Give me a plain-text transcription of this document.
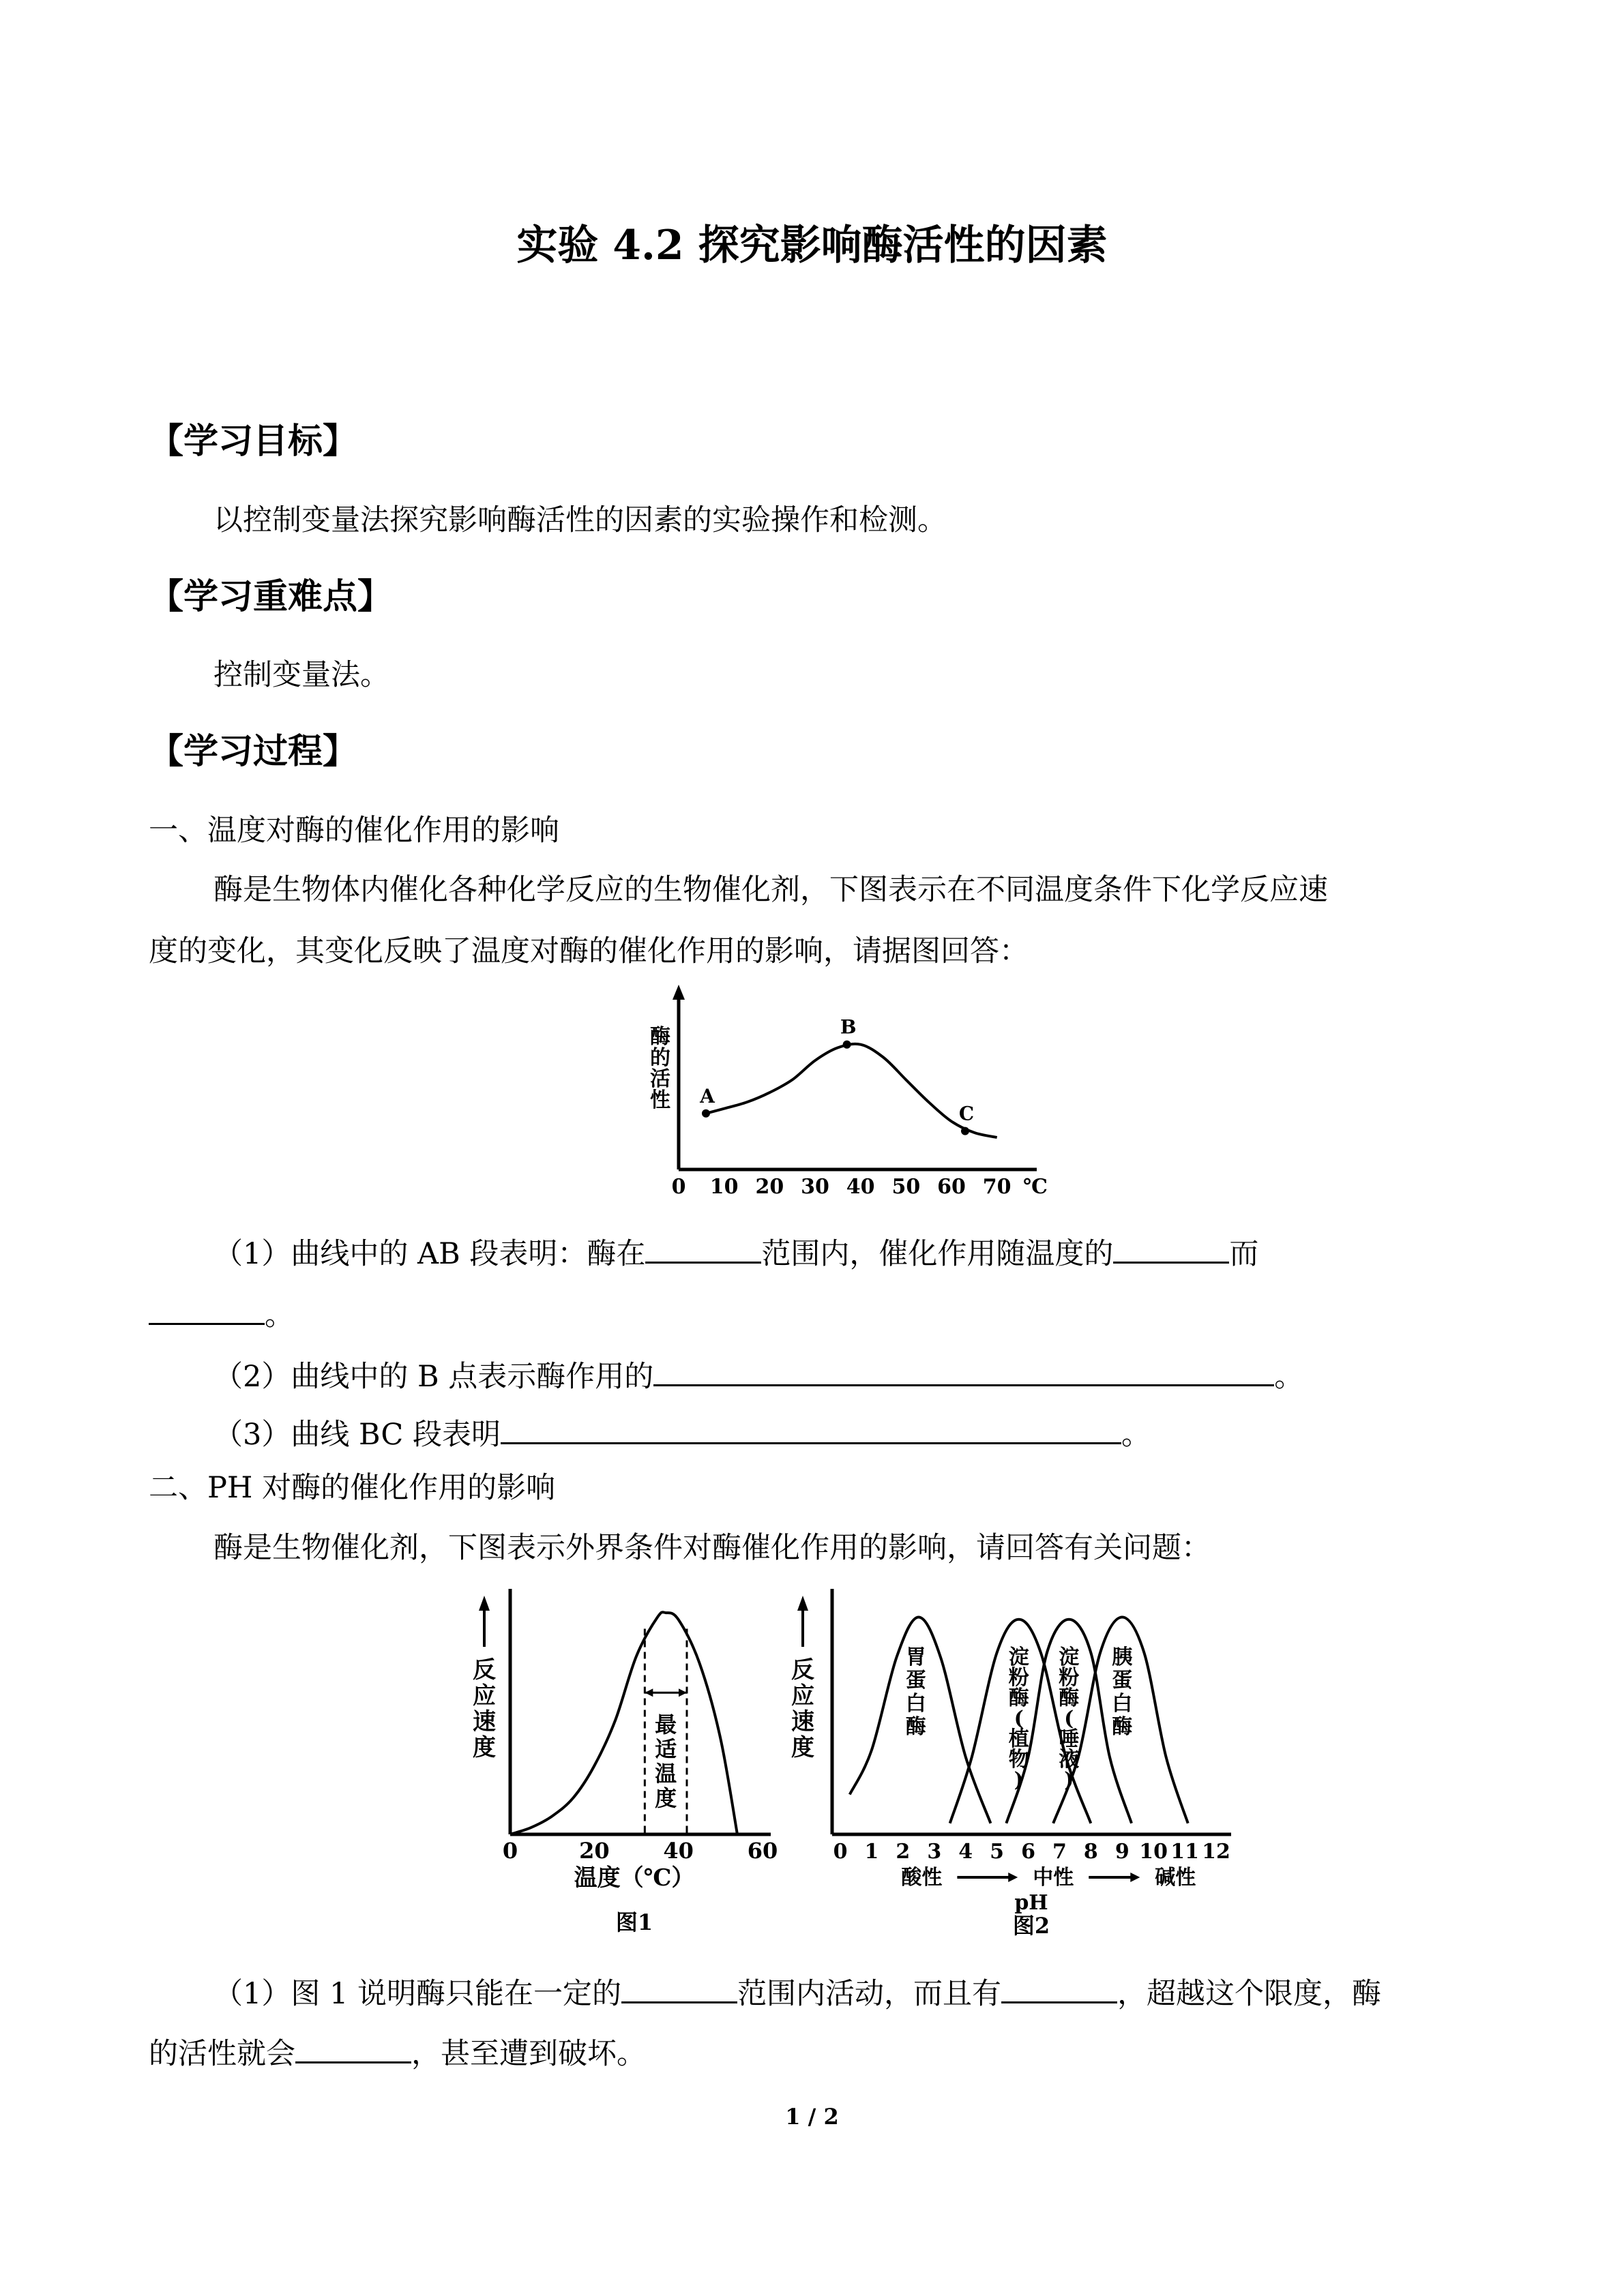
实验 4.2 探究影响酶活性的因素
【学习目标】
以控制变量法探究影响酶活性的因素的实验操作和检测。
【学习重难点】
控制变量法。
【学习过程】
一、温度对酶的催化作用的影响
酶是生物体内催化各种化学反应的生物催化剂，下图表示在不同温度条件下化学反应速
度的变化，其变化反映了温度对酶的催化作用的影响，请据图回答：
酶
的
活
性
0 10 20 30 40 50 60 70 ℃
A
B
C
（1）曲线中的 AB 段表明：酶在	范围内，催化作用随温度的	而
。
（2）曲线中的 B 点表示酶作用的	。
（3）曲线 BC 段表明	。
二、PH 对酶的催化作用的影响
酶是生物催化剂，下图表示外界条件对酶催化作用的影响，请回答有关问题：
反
应
速
度
0	20 40 60
最
适
温
度
温度（℃）
图1
反
应
速
度
胃
蛋
白
酶
淀
粉
酶
(
植
物
)
淀
粉
酶
(
唾
液
)
胰
蛋
白
酶
0 1 2 3 4 5 6 7 8 9 10 11 12
酸性	中性	碱性
pH
图2
（1）图 1 说明酶只能在一定的	范围内活动，而且有	，超越这个限度，酶
的活性就会	，甚至遭到破坏。
1 / 2
